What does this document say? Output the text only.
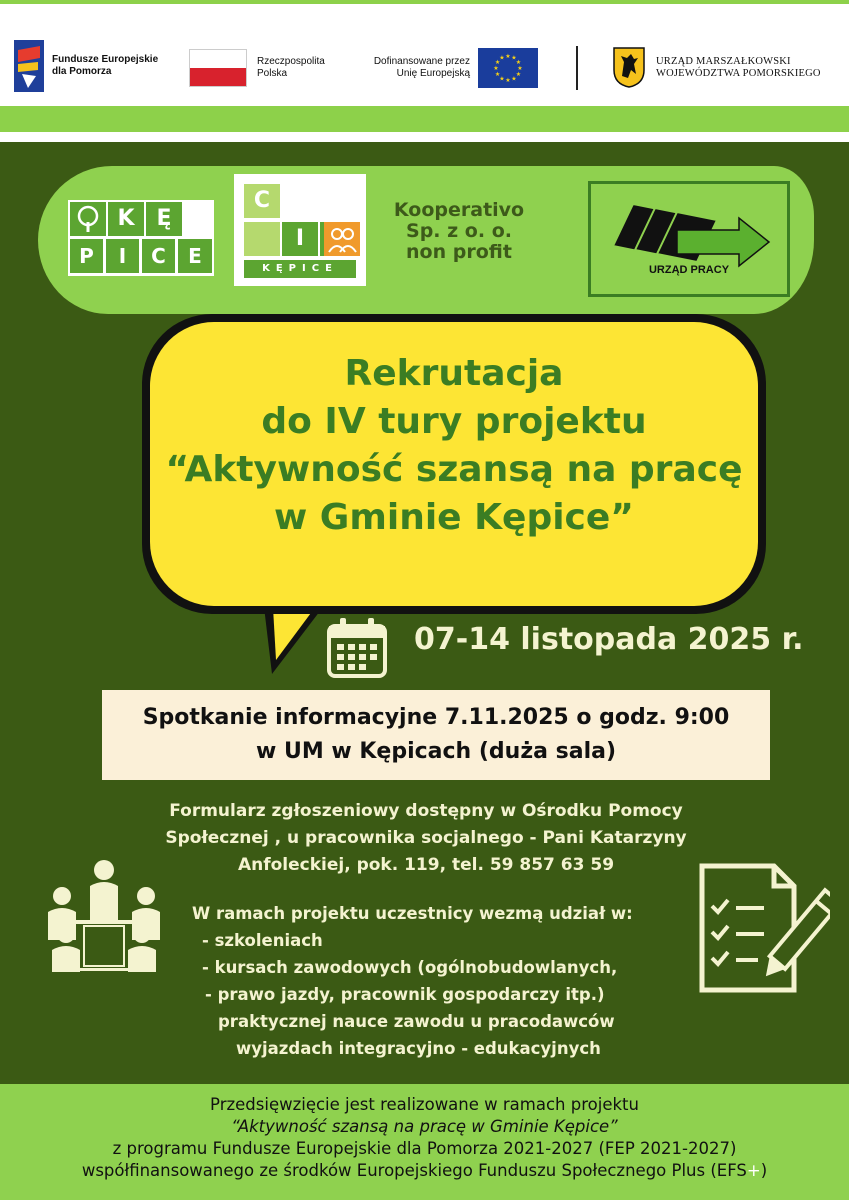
Fundusze Europejskie
dla Pomorza
Rzeczpospolita
Polska
Dofinansowane przez
Unię Europejską
★ ★
★
★
★
★
★
★
★
★
★
★	URZĄD MARSZAŁKOWSKI
WOJEWÓDZTWA POMORSKIEGO
K Ę
P	I	C	E
C
I
KĘPICE
Kooperativo
Sp. z o. o.
non profit
URZĄD PRACY
Rekrutacja
do IV tury projektu
“Aktywność szansą na pracę
w Gminie Kępice”
07-14 listopada 2025 r.
Spotkanie informacyjne 7.11.2025 o godz. 9:00
w UM w Kępicach (duża sala)
Formularz zgłoszeniowy dostępny w Ośrodku Pomocy
Społecznej , u pracownika socjalnego - Pani Katarzyny
Anfoleckiej, pok. 119, tel. 59 857 63 59
W ramach projektu uczestnicy wezmą udział w:
- szkoleniach
- kursach zawodowych (ogólnobudowlanych,
- prawo jazdy, pracownik gospodarczy itp.)
praktycznej nauce zawodu u pracodawców
wyjazdach integracyjno - edukacyjnych
Przedsięwzięcie jest realizowane w ramach projektu
“Aktywność szansą na pracę w Gminie Kępice”
z programu Fundusze Europejskie dla Pomorza 2021-2027 (FEP 2021-2027)
współfinansowanego ze środków Europejskiego Funduszu Społecznego Plus (EFS+)
